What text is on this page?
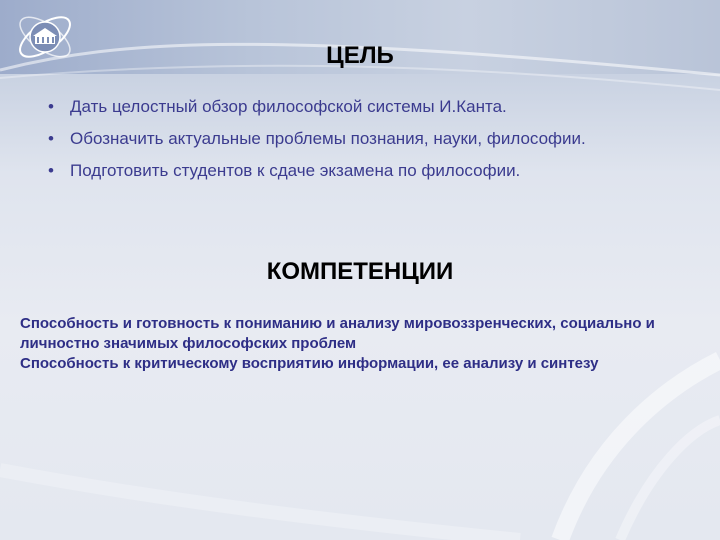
ЦЕЛЬ
• Дать целостный обзор философской системы И.Канта.
• Обозначить актуальные проблемы познания, науки, философии.
• Подготовить студентов к сдаче экзамена по философии.
КОМПЕТЕНЦИИ
Способность и готовность к пониманию и анализу мировоззренческих, социально и личностно значимых философских проблем
Способность к критическому восприятию информации, ее анализу и синтезу
